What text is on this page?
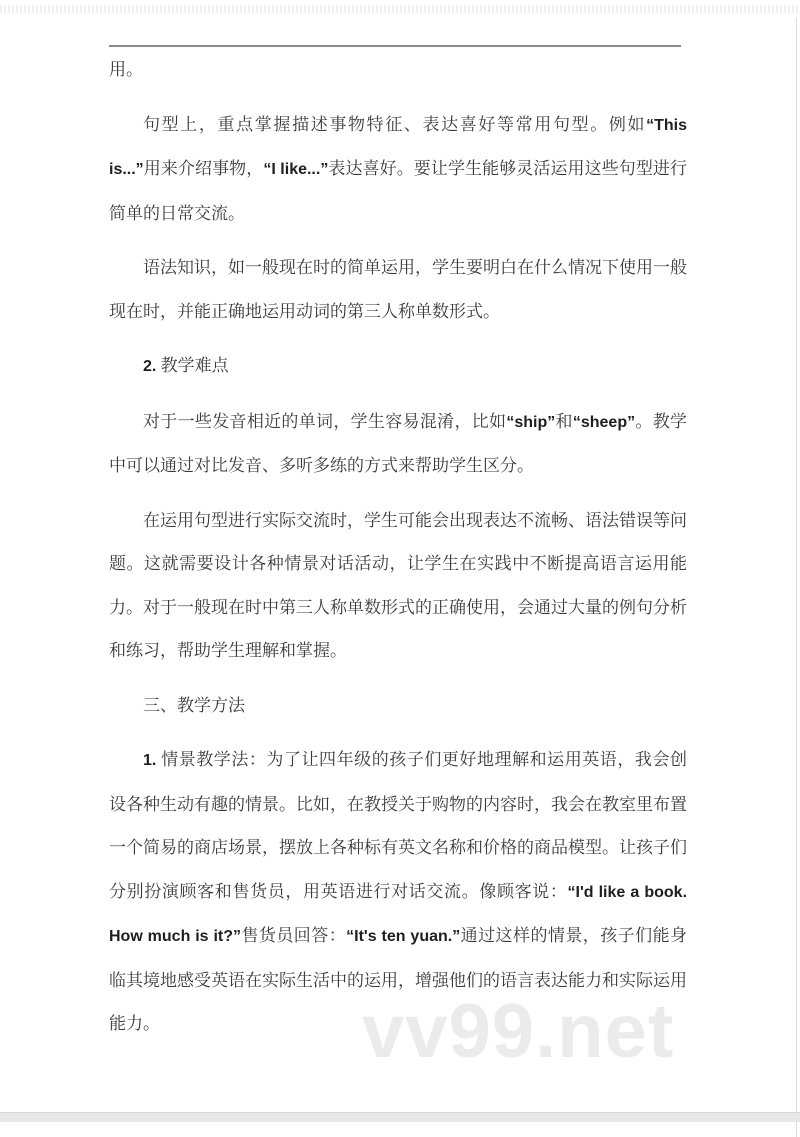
用。

句型上，重点掌握描述事物特征、表达喜好等常用句型。例如“This is...”用来介绍事物，“I like...”表达喜好。要让学生能够灵活运用这些句型进行简单的日常交流。

语法知识，如一般现在时的简单运用，学生要明白在什么情况下使用一般现在时，并能正确地运用动词的第三人称单数形式。

2. 教学难点

对于一些发音相近的单词，学生容易混淆，比如“ship”和“sheep”。教学中可以通过对比发音、多听多练的方式来帮助学生区分。

在运用句型进行实际交流时，学生可能会出现表达不流畅、语法错误等问题。这就需要设计各种情景对话活动，让学生在实践中不断提高语言运用能力。对于一般现在时中第三人称单数形式的正确使用，会通过大量的例句分析和练习，帮助学生理解和掌握。

三、教学方法

1. 情景教学法：为了让四年级的孩子们更好地理解和运用英语，我会创设各种生动有趣的情景。比如，在教授关于购物的内容时，我会在教室里布置一个简易的商店场景，摆放上各种标有英文名称和价格的商品模型。让孩子们分别扮演顾客和售货员，用英语进行对话交流。像顾客说：“I'd like a book. How much is it?”售货员回答：“It's ten yuan.”通过这样的情景，孩子们能身临其境地感受英语在实际生活中的运用，增强他们的语言表达能力和实际运用能力。	vv99.net
